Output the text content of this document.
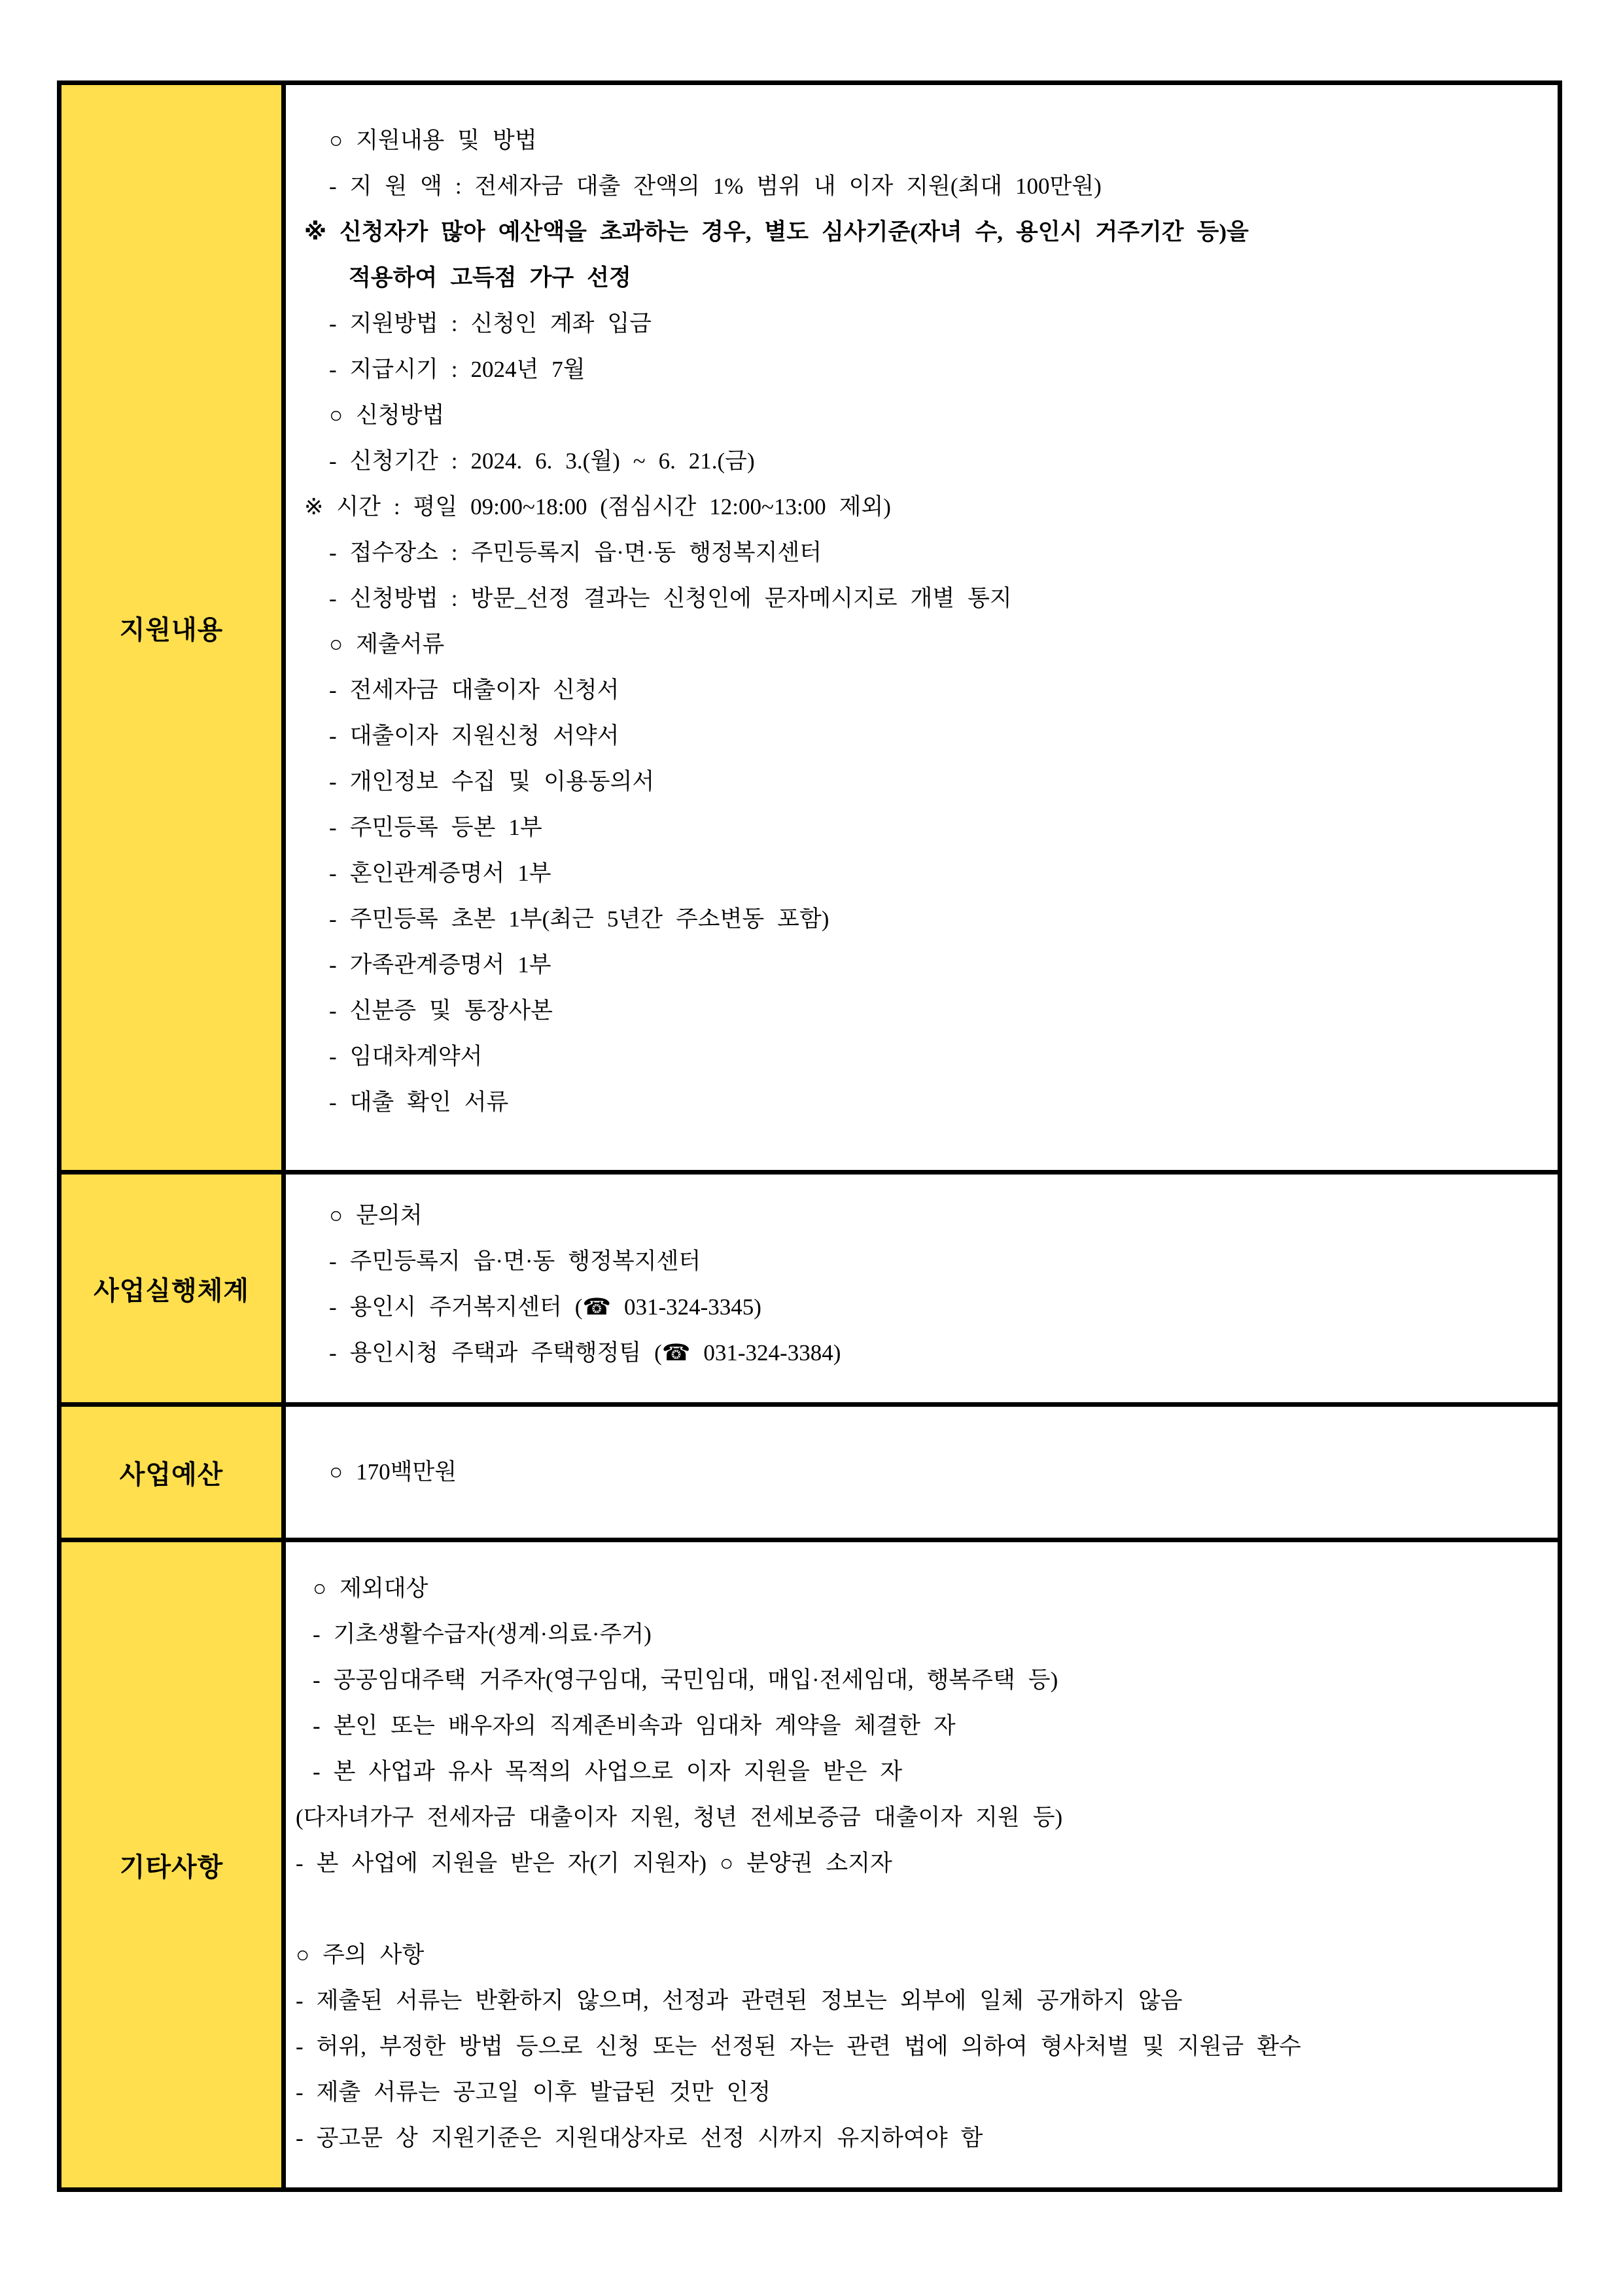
지원내용
○ 지원내용 및 방법
- 지 원 액 : 전세자금 대출 잔액의 1% 범위 내 이자 지원(최대 100만원)
※ 신청자가 많아 예산액을 초과하는 경우, 별도 심사기준(자녀 수, 용인시 거주기간 등)을
적용하여 고득점 가구 선정
- 지원방법 : 신청인 계좌 입금
- 지급시기 : 2024년 7월
○ 신청방법
- 신청기간 : 2024. 6. 3.(월) ~ 6. 21.(금)
※ 시간 : 평일 09:00~18:00 (점심시간 12:00~13:00 제외)
- 접수장소 : 주민등록지 읍·면·동 행정복지센터
- 신청방법 : 방문_선정 결과는 신청인에 문자메시지로 개별 통지
○ 제출서류
- 전세자금 대출이자 신청서
- 대출이자 지원신청 서약서
- 개인정보 수집 및 이용동의서
- 주민등록 등본 1부
- 혼인관계증명서 1부
- 주민등록 초본 1부(최근 5년간 주소변동 포함)
- 가족관계증명서 1부
- 신분증 및 통장사본
- 임대차계약서
- 대출 확인 서류
사업실행체계
○ 문의처
- 주민등록지 읍·면·동 행정복지센터
- 용인시 주거복지센터 (☎ 031-324-3345)
- 용인시청 주택과 주택행정팀 (☎ 031-324-3384)
사업예산	○ 170백만원
기타사항
○ 제외대상
- 기초생활수급자(생계·의료·주거)
- 공공임대주택 거주자(영구임대, 국민임대, 매입·전세임대, 행복주택 등)
- 본인 또는 배우자의 직계존비속과 임대차 계약을 체결한 자
- 본 사업과 유사 목적의 사업으로 이자 지원을 받은 자
(다자녀가구 전세자금 대출이자 지원, 청년 전세보증금 대출이자 지원 등)
- 본 사업에 지원을 받은 자(기 지원자) ○ 분양권 소지자
○ 주의 사항
- 제출된 서류는 반환하지 않으며, 선정과 관련된 정보는 외부에 일체 공개하지 않음
- 허위, 부정한 방법 등으로 신청 또는 선정된 자는 관련 법에 의하여 형사처벌 및 지원금 환수
- 제출 서류는 공고일 이후 발급된 것만 인정
- 공고문 상 지원기준은 지원대상자로 선정 시까지 유지하여야 함
